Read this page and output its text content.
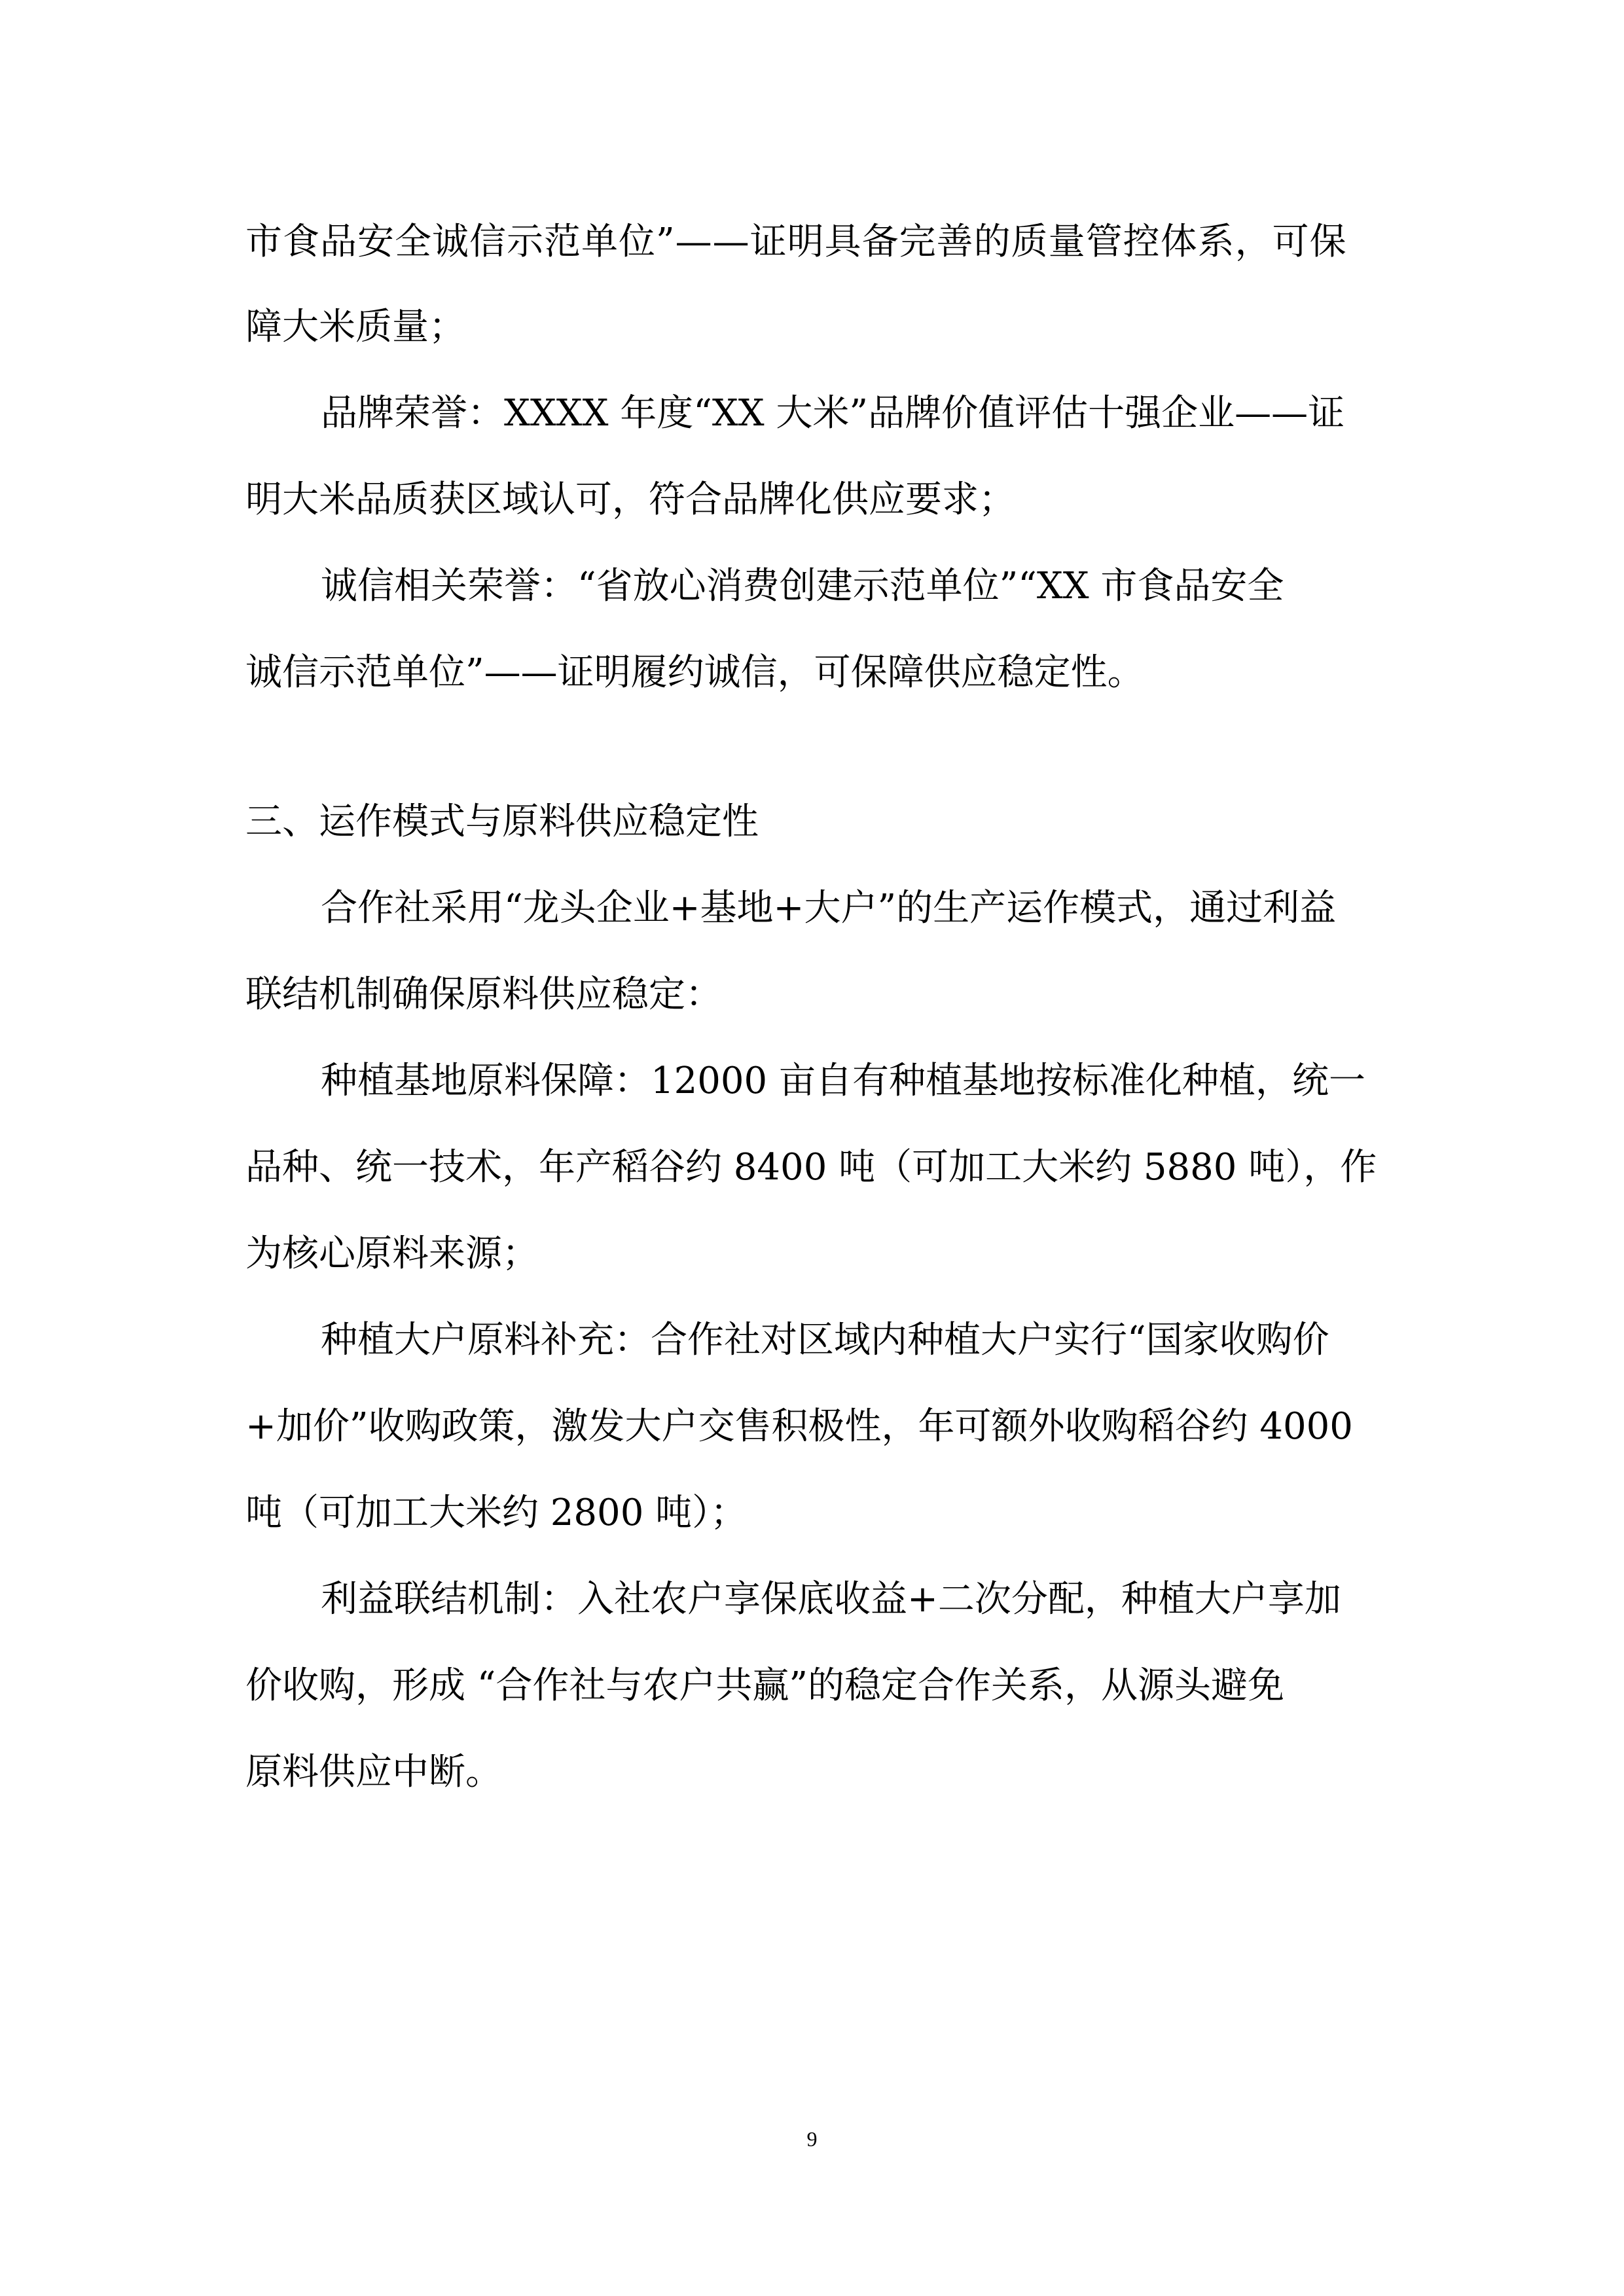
市食品安全诚信示范单位”——证明具备完善的质量管控体系，可保
障大米质量；
品牌荣誉：XXXX 年度“XX 大米”品牌价值评估十强企业——证
明大米品质获区域认可，符合品牌化供应要求；
诚信相关荣誉：“省放心消费创建示范单位”“XX 市食品安全
诚信示范单位”——证明履约诚信，可保障供应稳定性。
三、运作模式与原料供应稳定性
合作社采用“龙头企业+基地+大户”的生产运作模式，通过利益
联结机制确保原料供应稳定：
种植基地原料保障：12000 亩自有种植基地按标准化种植，统一
品种、统一技术，年产稻谷约 8400 吨（可加工大米约 5880 吨），作
为核心原料来源；
种植大户原料补充：合作社对区域内种植大户实行“国家收购价
+加价”收购政策，激发大户交售积极性，年可额外收购稻谷约 4000
吨（可加工大米约 2800 吨）；
利益联结机制：入社农户享保底收益+二次分配，种植大户享加
价收购，形成 “合作社与农户共赢”的稳定合作关系，从源头避免
原料供应中断。
9
